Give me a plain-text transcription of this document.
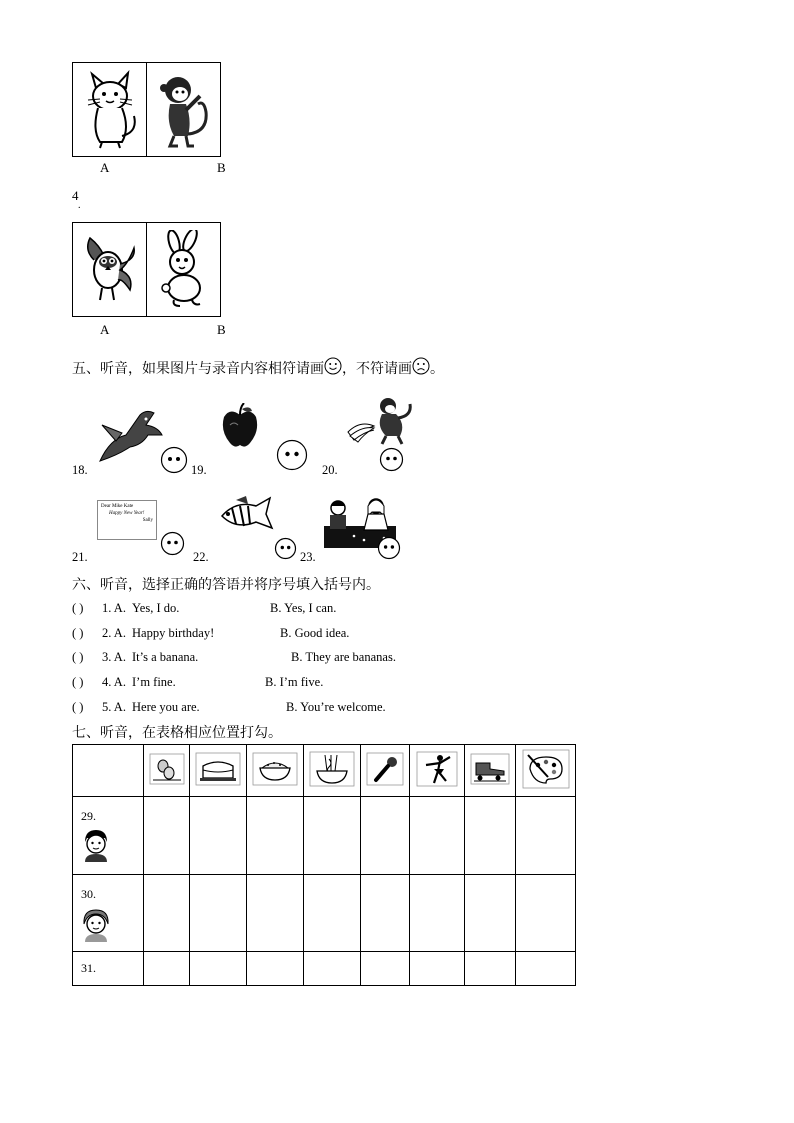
A	B
4
.
A	B
五、听音，如果图片与录音内容相符请画 ，不符请画 。
18.	19.	20.
Dear Mike Kate
Happy New Year!
Sally
21.	22.	23.
六、听音，选择正确的答语并将序号填入括号内。
( ) 1. A. Yes, I do.	B. Yes, I can.
( ) 2. A. Happy birthday!	B. Good idea.
( ) 3. A. It’s a banana.	B. They are bananas.
( ) 4. A. I’m fine.	B. I’m five.
( ) 5. A. Here you are.	B. You’re welcome.
七、听音，在表格相应位置打勾。

29.								

30.								

31.								
